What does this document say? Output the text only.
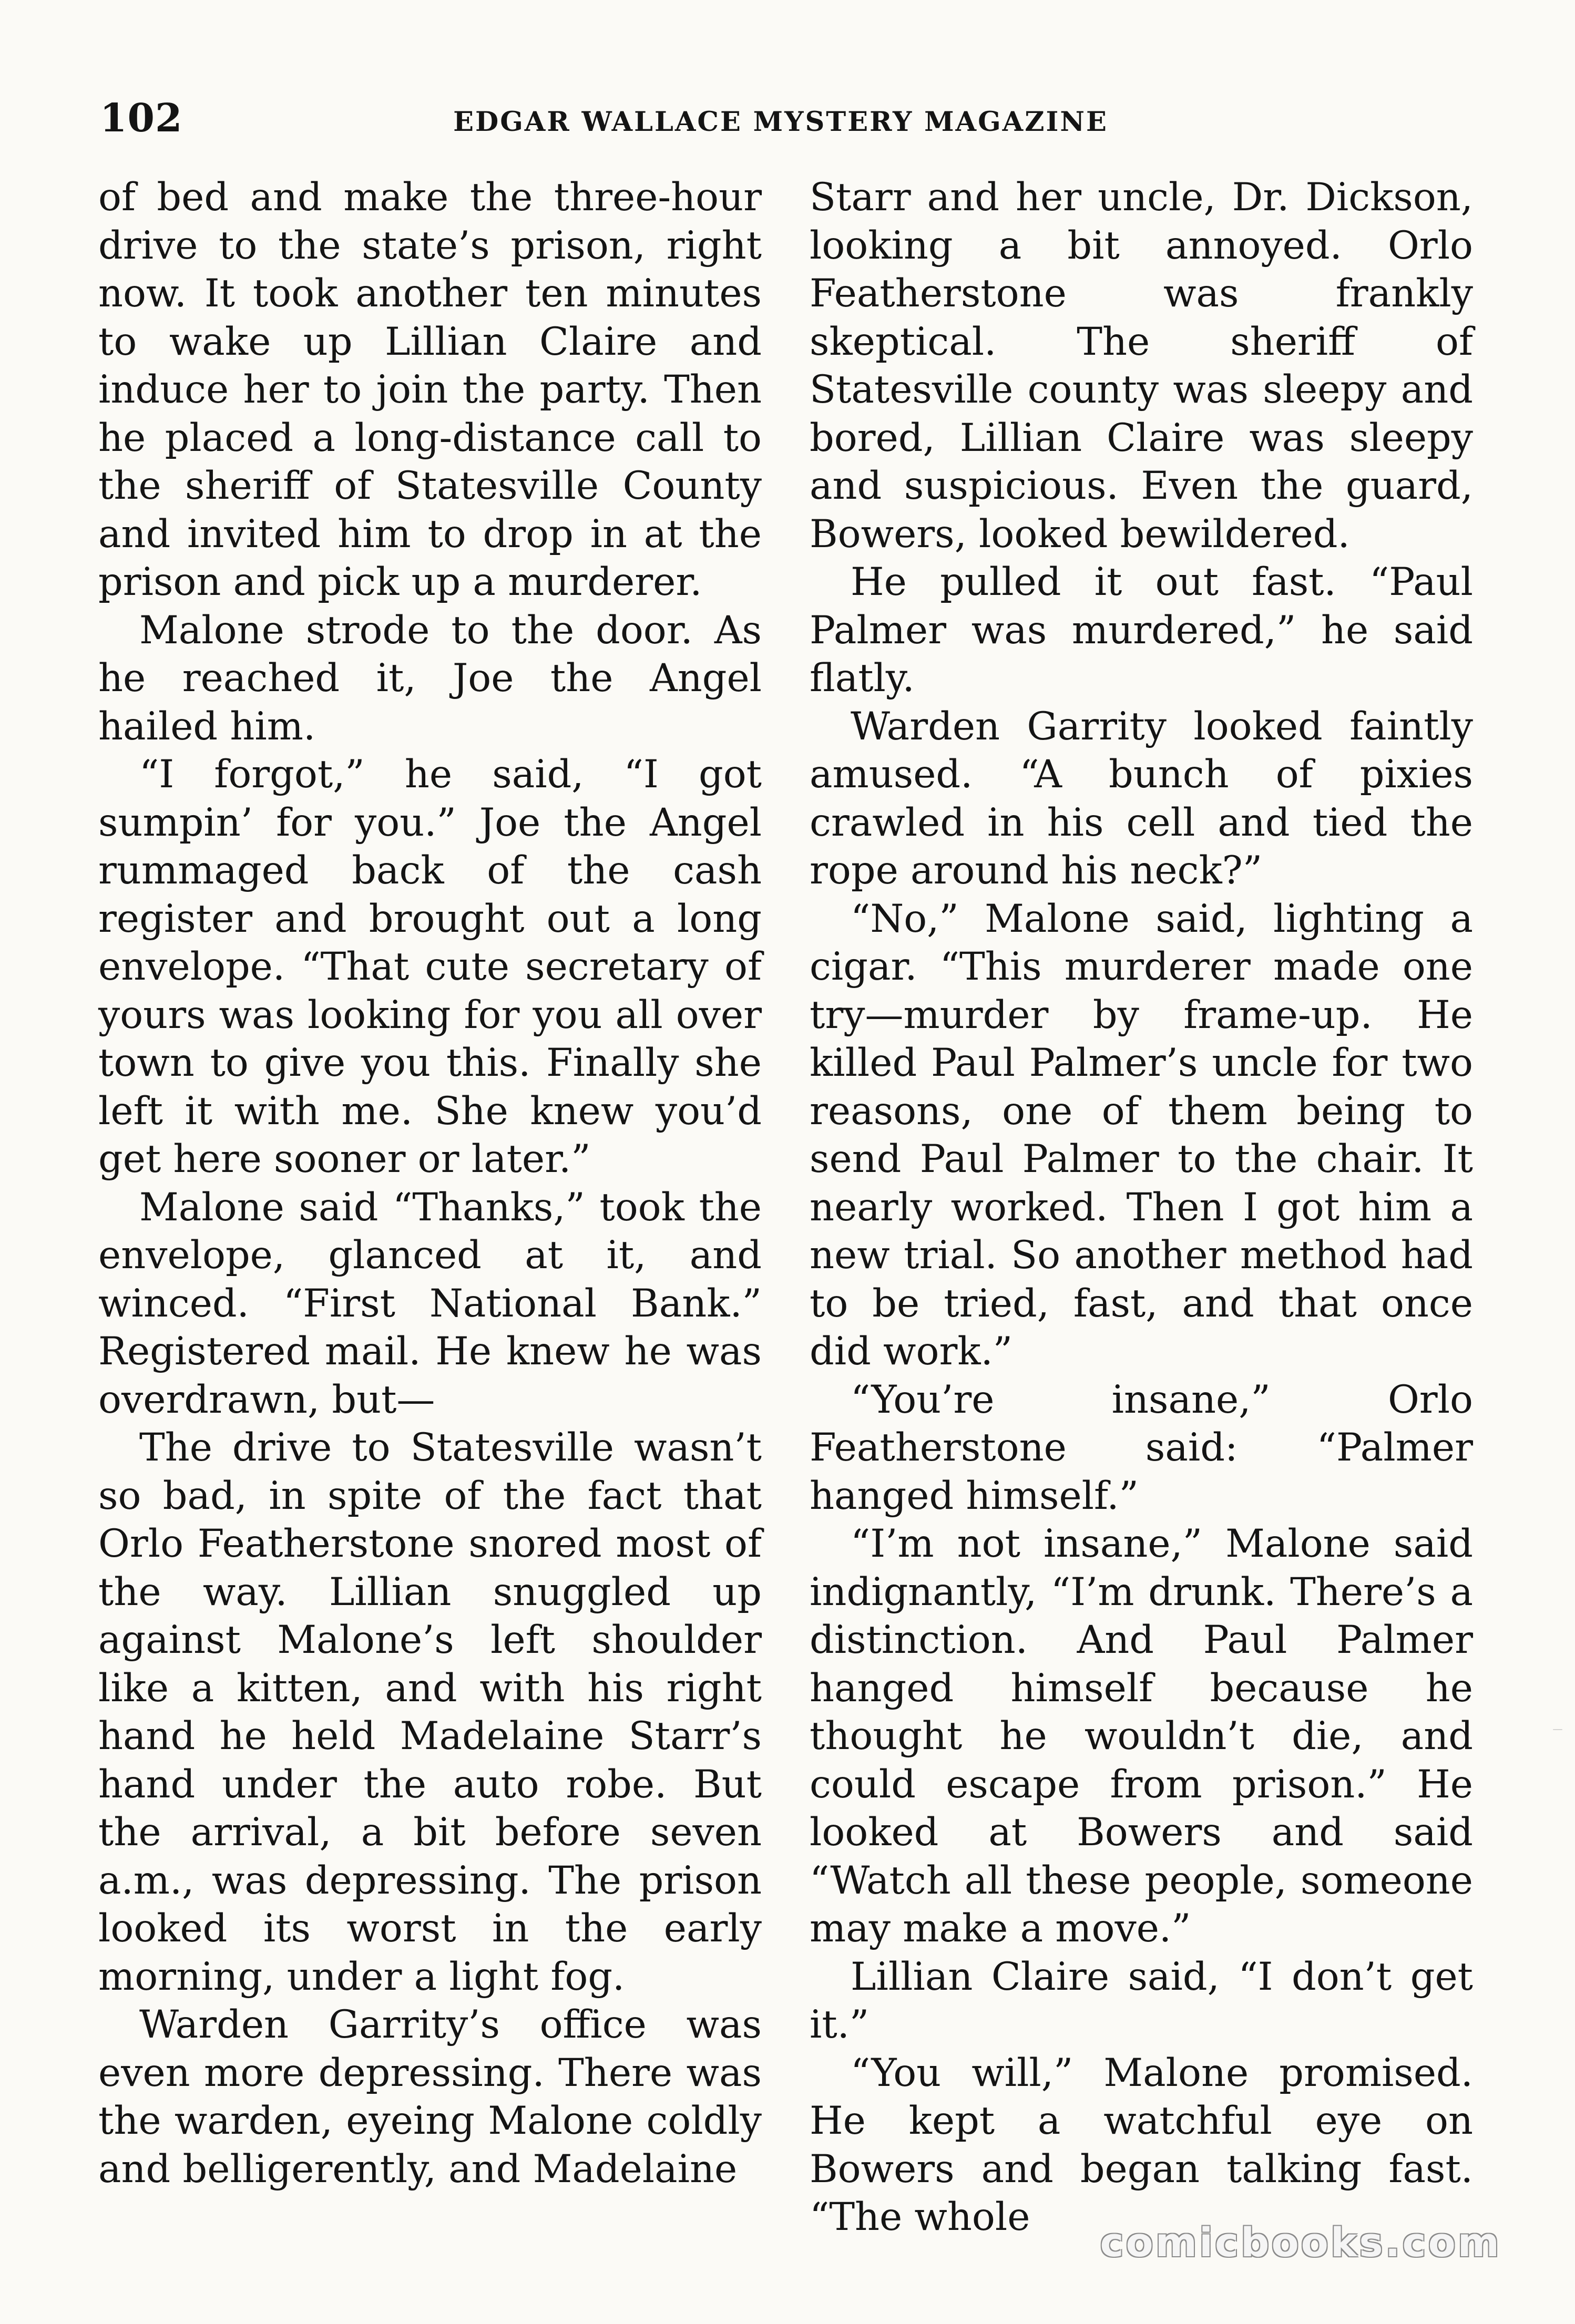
102	EDGAR WALLACE MYSTERY MAGAZINE

of bed and make the three-hour drive to the state’s prison, right now. It took another ten minutes to wake up Lillian Claire and induce her to join the party. Then he placed a long-distance call to the sheriff of Statesville County and invited him to drop in at the prison and pick up a murderer.

Malone strode to the door. As he reached it, Joe the Angel hailed him.

“I forgot,” he said, “I got sumpin’ for you.” Joe the Angel rummaged back of the cash register and brought out a long envelope. “That cute secretary of yours was looking for you all over town to give you this. Finally she left it with me. She knew you’d get here sooner or later.”

Malone said “Thanks,” took the envelope, glanced at it, and winced. “First National Bank.” Registered mail. He knew he was overdrawn, but—

The drive to Statesville wasn’t so bad, in spite of the fact that Orlo Featherstone snored most of the way. Lillian snuggled up against Malone’s left shoulder like a kitten, and with his right hand he held Madelaine Starr’s hand under the auto robe. But the arrival, a bit before seven a.m., was depressing. The prison looked its worst in the early morning, under a light fog.

Warden Garrity’s office was even more depressing. There was the warden, eyeing Malone coldly and belligerently, and Madelaine

Starr and her uncle, Dr. Dickson, looking a bit annoyed. Orlo Featherstone was frankly skeptical. The sheriff of Statesville county was sleepy and bored, Lillian Claire was sleepy and suspicious. Even the guard, Bowers, looked bewildered.

He pulled it out fast. “Paul Palmer was murdered,” he said flatly.

Warden Garrity looked faintly amused. “A bunch of pixies crawled in his cell and tied the rope around his neck?”

“No,” Malone said, lighting a cigar. “This murderer made one try—murder by frame-up. He killed Paul Palmer’s uncle for two reasons, one of them being to send Paul Palmer to the chair. It nearly worked. Then I got him a new trial. So another method had to be tried, fast, and that once did work.”

“You’re insane,” Orlo Featherstone said: “Palmer hanged himself.”

“I’m not insane,” Malone said indignantly, “I’m drunk. There’s a distinction. And Paul Palmer hanged himself because he thought he wouldn’t die, and could escape from prison.” He looked at Bowers and said “Watch all these people, someone may make a move.”

Lillian Claire said, “I don’t get it.”

“You will,” Malone promised. He kept a watchful eye on Bowers and began talking fast. “The whole

comicbooks.com
